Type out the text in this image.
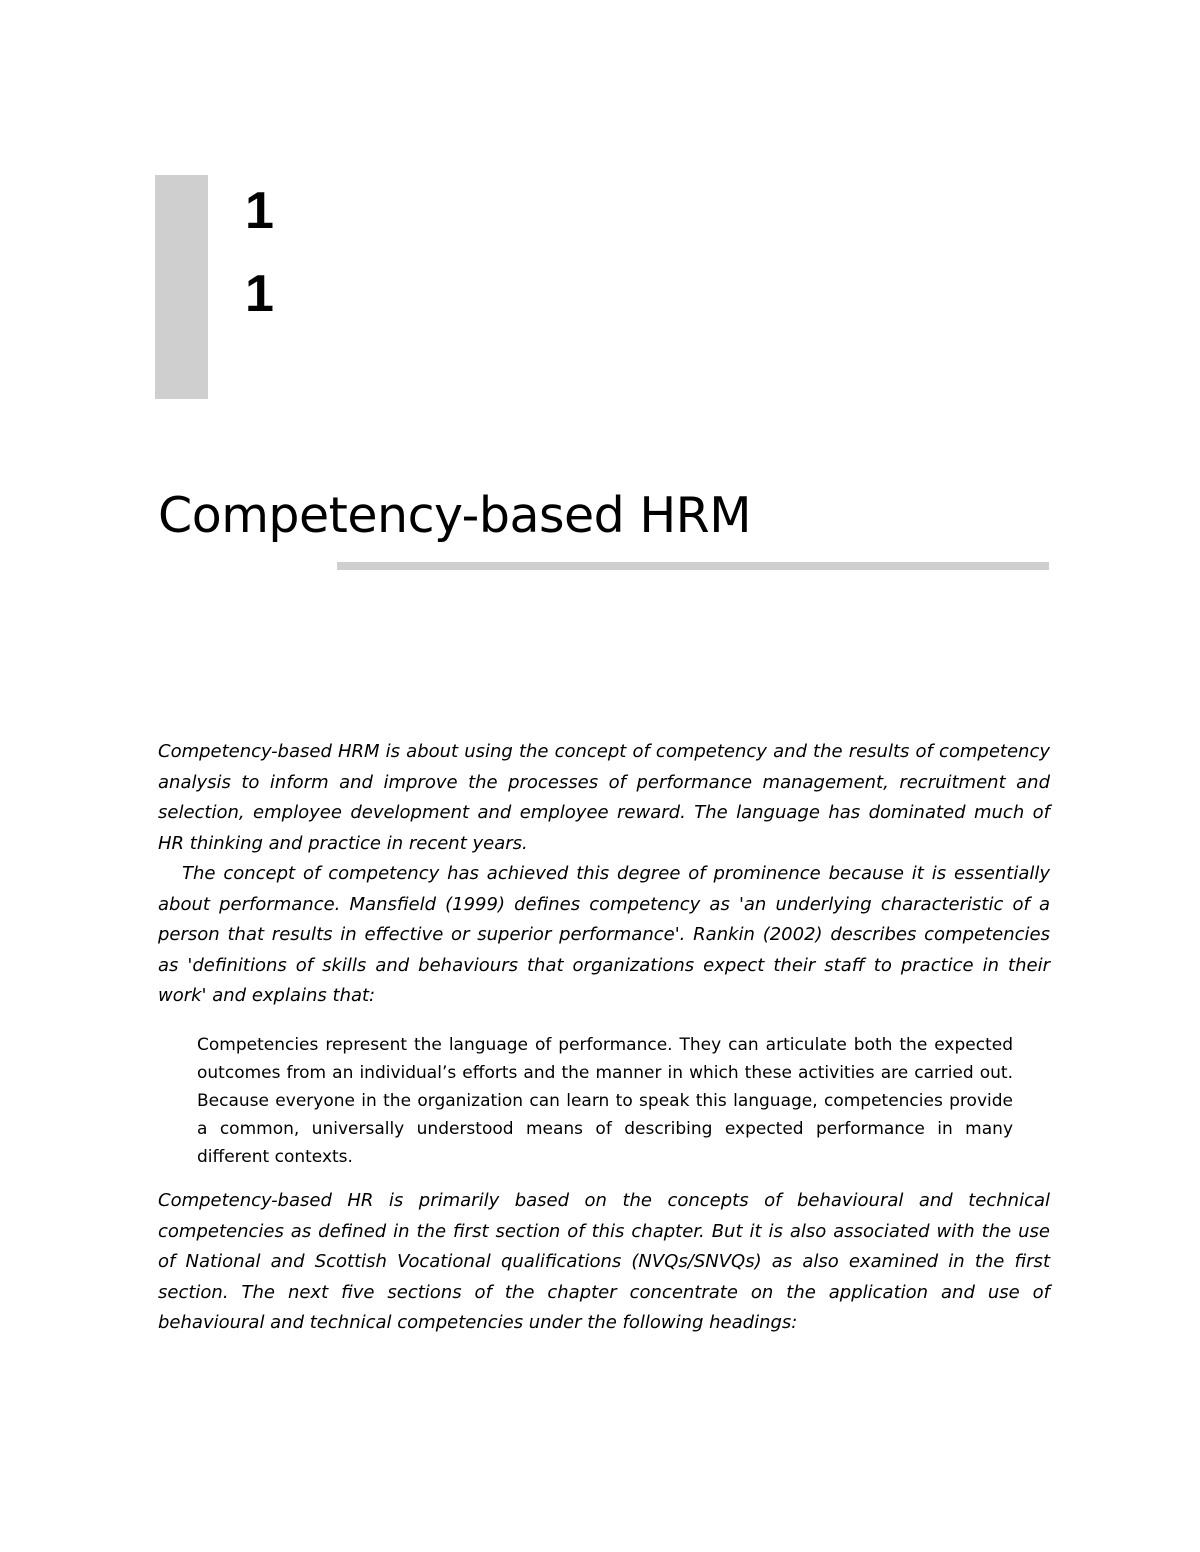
1
1
Competency-based HRM

Competency-based HRM is about using the concept of competency and the results of competency analysis to inform and improve the processes of performance management, recruitment and selection, employee development and employee reward. The language has dominated much of HR thinking and practice in recent years.

The concept of competency has achieved this degree of prominence because it is essentially about performance. Mansfield (1999) defines competency as 'an underlying characteristic of a person that results in effective or superior performance'. Rankin (2002) describes competencies as 'definitions of skills and behaviours that organizations expect their staff to practice in their work' and explains that:

Competencies represent the language of performance. They can articulate both the expected outcomes from an individual’s efforts and the manner in which these activities are carried out. Because everyone in the organization can learn to speak this language, competencies provide a common, universally understood means of describing expected performance in many different contexts.

Competency-based HR is primarily based on the concepts of behavioural and technical competencies as defined in the first section of this chapter. But it is also associated with the use of National and Scottish Vocational qualifications (NVQs/SNVQs) as also examined in the first section. The next five sections of the chapter concentrate on the application and use of behavioural and technical competencies under the following headings:
